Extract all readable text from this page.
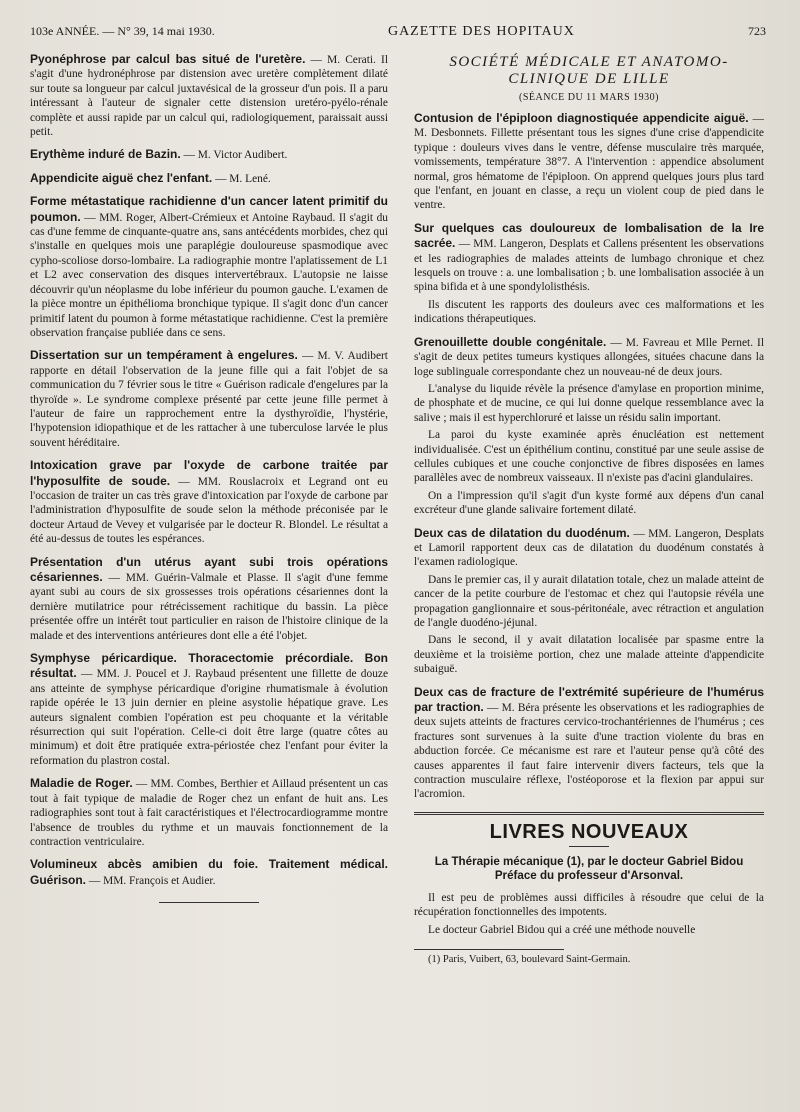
103e ANNÉE. — N° 39, 14 mai 1930.	GAZETTE DES HOPITAUX	723

Pyonéphrose par calcul bas situé de l'uretère. — M. Cerati. Il s'agit d'une hydronéphrose par distension avec uretère complètement dilaté sur toute sa longueur par calcul juxtavésical de la grosseur d'un pois. Il a paru intéressant à l'auteur de signaler cette distension uretéro-pyélo-rénale complète et aussi rapide par un calcul qui, radiologiquement, paraissait aussi petit.

Erythème induré de Bazin. — M. Victor Audibert.

Appendicite aiguë chez l'enfant. — M. Lené.

Forme métastatique rachidienne d'un cancer latent primitif du poumon. — MM. Roger, Albert-Crémieux et Antoine Raybaud. Il s'agit du cas d'une femme de cinquante-quatre ans, sans antécédents morbides, chez qui s'installe en quelques mois une paraplégie douloureuse spasmodique avec cypho-scoliose dorso-lombaire. La radiographie montre l'aplatissement de L1 et L2 avec conservation des disques intervertébraux. L'autopsie ne laisse découvrir qu'un néoplasme du lobe inférieur du poumon gauche. L'examen de la pièce montre un épithélioma bronchique typique. Il s'agit donc d'un cancer primitif latent du poumon à forme métastatique rachidienne. C'est la première observation française publiée dans ce sens.

Dissertation sur un tempérament à engelures. — M. V. Audibert rapporte en détail l'observation de la jeune fille qui a fait l'objet de sa communication du 7 février sous le titre « Guérison radicale d'engelures par la thyroïde ». Le syndrome complexe présenté par cette jeune fille permet à l'auteur de faire un rapprochement entre la dysthyroïdie, l'hystérie, l'hypotension idiopathique et de les rattacher à une tuberculose larvée le plus souvent héréditaire.

Intoxication grave par l'oxyde de carbone traitée par l'hyposulfite de soude. — MM. Rouslacroix et Legrand ont eu l'occasion de traiter un cas très grave d'intoxication par l'oxyde de carbone par l'administration d'hyposulfite de soude selon la méthode préconisée par le docteur Artaud de Vevey et vulgarisée par le docteur R. Blondel. Le résultat a été au-dessus de toutes les espérances.

Présentation d'un utérus ayant subi trois opérations césariennes. — MM. Guérin-Valmale et Plasse. Il s'agit d'une femme ayant subi au cours de six grossesses trois opérations césariennes dont la dernière mutilatrice pour rétrécissement rachitique du bassin. La pièce présentée offre un intérêt tout particulier en raison de l'histoire clinique de la malade et des interventions antérieures dont elle a été l'objet.

Symphyse péricardique. Thoracectomie précordiale. Bon résultat. — MM. J. Poucel et J. Raybaud présentent une fillette de douze ans atteinte de symphyse péricardique d'origine rhumatismale à évolution rapide opérée le 13 juin dernier en pleine asystolie hépatique grave. Les auteurs signalent combien l'opération est peu choquante et la véritable résurrection qui suit l'opération. Celle-ci doit être large (quatre côtes au minimum) et doit être pratiquée extra-périostée chez l'enfant pour éviter la reformation du plastron costal.

Maladie de Roger. — MM. Combes, Berthier et Aillaud présentent un cas tout à fait typique de maladie de Roger chez un enfant de huit ans. Les radiographies sont tout à fait caractéristiques et l'électrocardiogramme montre l'absence de troubles du rythme et un mauvais fonctionnement de la contraction ventriculaire.

Volumineux abcès amibien du foie. Traitement médical. Guérison. — MM. François et Audier.

SOCIÉTÉ MÉDICALE ET ANATOMO-CLINIQUE DE LILLE
(SÉANCE DU 11 MARS 1930)

Contusion de l'épiploon diagnostiquée appendicite aiguë. — M. Desbonnets. Fillette présentant tous les signes d'une crise d'appendicite typique : douleurs vives dans le ventre, défense musculaire très marquée, vomissements, température 38°7. A l'intervention : appendice absolument normal, gros hématome de l'épiploon. On apprend quelques jours plus tard que l'enfant, en jouant en classe, a reçu un violent coup de pied dans le ventre.

Sur quelques cas douloureux de lombalisation de la Ire sacrée. — MM. Langeron, Desplats et Callens présentent les observations et les radiographies de malades atteints de lumbago chronique et chez lesquels on trouve : a. une lombalisation ; b. une lombalisation associée à un spina bifida et à une spondylolisthésis.

Ils discutent les rapports des douleurs avec ces malformations et les indications thérapeutiques.

Grenouillette double congénitale. — M. Favreau et Mlle Pernet. Il s'agit de deux petites tumeurs kystiques allongées, situées chacune dans la loge sublinguale correspondante chez un nouveau-né de deux jours.

L'analyse du liquide révèle la présence d'amylase en proportion minime, de phosphate et de mucine, ce qui lui donne quelque ressemblance avec la salive ; mais il est hyperchloruré et laisse un résidu salin important.

La paroi du kyste examinée après énucléation est nettement individualisée. C'est un épithélium continu, constitué par une seule assise de cellules cubiques et une couche conjonctive de fibres disposées en lames parallèles avec de nombreux vaisseaux. Il n'existe pas d'acini glandulaires.

On a l'impression qu'il s'agit d'un kyste formé aux dépens d'un canal excréteur d'une glande salivaire fortement dilaté.

Deux cas de dilatation du duodénum. — MM. Langeron, Desplats et Lamoril rapportent deux cas de dilatation du duodénum constatés à l'examen radiologique.

Dans le premier cas, il y aurait dilatation totale, chez un malade atteint de cancer de la petite courbure de l'estomac et chez qui l'autopsie révéla une propagation ganglionnaire et sous-péritonéale, avec rétraction et angulation de l'angle duodéno-jéjunal.

Dans le second, il y avait dilatation localisée par spasme entre la deuxième et la troisième portion, chez une malade atteinte d'appendicite subaiguë.

Deux cas de fracture de l'extrémité supérieure de l'humérus par traction. — M. Béra présente les observations et les radiographies de deux sujets atteints de fractures cervico-trochantériennes de l'humérus ; ces fractures sont survenues à la suite d'une traction violente du bras en abduction forcée. Ce mécanisme est rare et l'auteur pense qu'à côté des causes apparentes il faut faire intervenir divers facteurs, tels que la contraction musculaire réflexe, l'ostéoporose et la flexion par appui sur l'acromion.

LIVRES NOUVEAUX
La Thérapie mécanique (1), par le docteur Gabriel Bidou
Préface du professeur d'Arsonval.

Il est peu de problèmes aussi difficiles à résoudre que celui de la récupération fonctionnelles des impotents.

Le docteur Gabriel Bidou qui a créé une méthode nouvelle

(1) Paris, Vuibert, 63, boulevard Saint-Germain.
